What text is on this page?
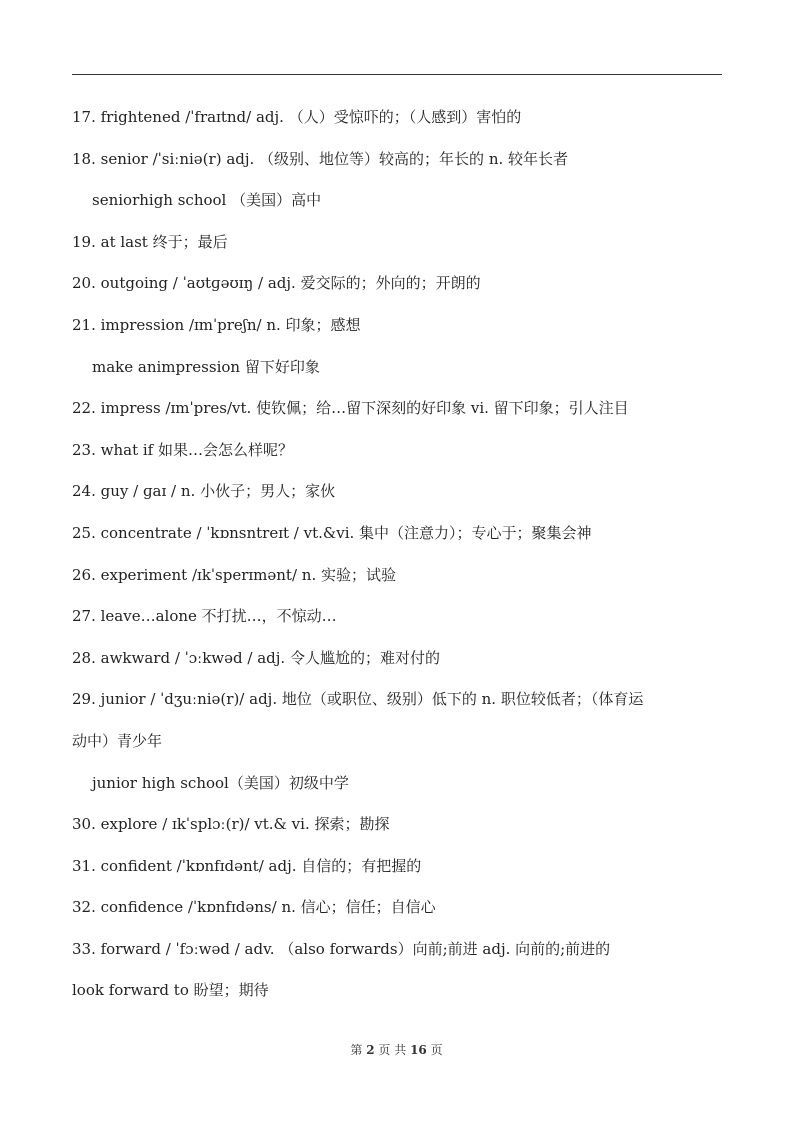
17. frightened /ˈfraɪtnd/ adj. （人）受惊吓的；（人感到）害怕的
18. senior /ˈsiːniə(r) adj. （级别、地位等）较高的；年长的 n. 较年长者
seniorhigh school （美国）高中
19. at last 终于；最后
20. outgoing / ˈaʊtɡəʊɪŋ / adj. 爱交际的；外向的；开朗的
21. impression /ɪmˈpreʃn/ n. 印象；感想
make animpression 留下好印象
22. impress /ɪmˈpres/vt. 使钦佩；给…留下深刻的好印象 vi. 留下印象；引人注目
23. what if 如果…会怎么样呢？
24. guy / ɡaɪ / n. 小伙子；男人；家伙
25. concentrate / ˈkɒnsntreɪt / vt.&vi. 集中（注意力）；专心于；聚集会神
26. experiment /ɪkˈsperɪmənt/ n. 实验；试验
27. leave…alone 不打扰…，不惊动…
28. awkward / ˈɔːkwəd / adj. 令人尴尬的；难对付的
29. junior / ˈdʒuːniə(r)/ adj. 地位（或职位、级别）低下的 n. 职位较低者；（体育运
动中）青少年
junior high school（美国）初级中学
30. explore / ɪkˈsplɔː(r)/ vt.& vi. 探索；勘探
31. confident /ˈkɒnfɪdənt/ adj. 自信的；有把握的
32. confidence /ˈkɒnfɪdəns/ n. 信心；信任；自信心
33. forward / ˈfɔːwəd / adv. （also forwards）向前;前进 adj. 向前的;前进的
look forward to 盼望；期待
第 2 页 共 16 页
